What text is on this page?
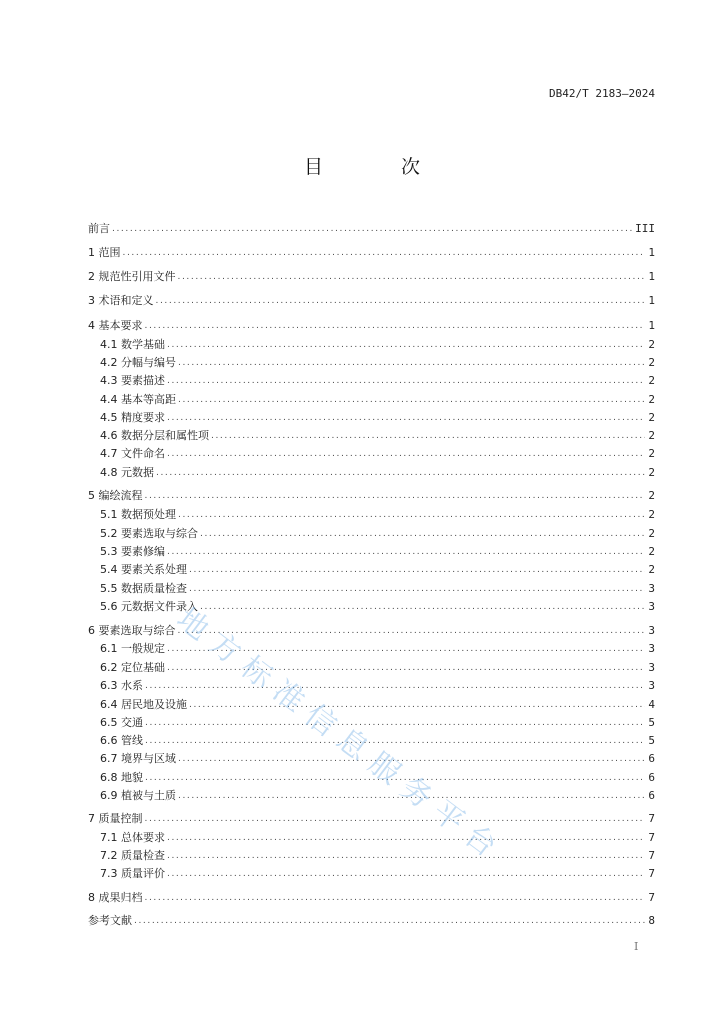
DB42/T 2183—2024
目 次
前言 .....	III
1 范围 .....	1
2 规范性引用文件 .....	1
3 术语和定义 .....	1
4 基本要求 .....	1
4.1 数学基础 .....	2
4.2 分幅与编号 .....	2
4.3 要素描述 .....	2
4.4 基本等高距 .....	2
4.5 精度要求 .....	2
4.6 数据分层和属性项 .....	2
4.7 文件命名 .....	2
4.8 元数据 .....	2
5 编绘流程 .....	2
5.1 数据预处理 .....	2
5.2 要素选取与综合 .....	2
5.3 要素修编 .....	2
5.4 要素关系处理 .....	2
5.5 数据质量检查 .....	3
5.6 元数据文件录入 .....	3
6 要素选取与综合 .....	3
6.1 一般规定 .....	3
6.2 定位基础 .....	3
6.3 水系 .....	3
6.4 居民地及设施 .....	4
6.5 交通 .....	5
6.6 管线 .....	5
6.7 境界与区域 .....	6
6.8 地貌 .....	6
6.9 植被与土质 .....	6
7 质量控制 .....	7
7.1 总体要求 .....	7
7.2 质量检查 .....	7
7.3 质量评价 .....	7
8 成果归档 .....	7
参考文献 .....	8
I
地方标准信息服务平台
